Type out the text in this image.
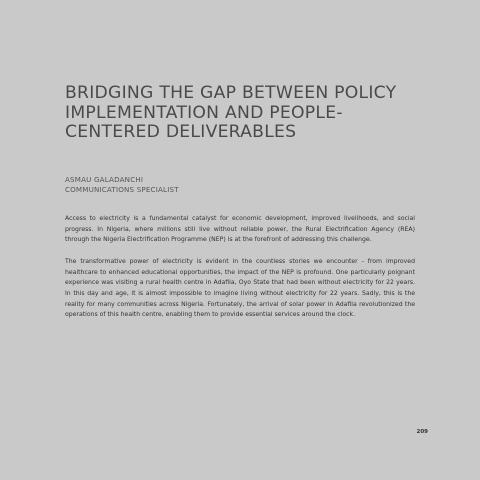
BRIDGING THE GAP BETWEEN POLICY
IMPLEMENTATION AND PEOPLE-
CENTERED DELIVERABLES
ASMAU GALADANCHI
COMMUNICATIONS SPECIALIST

Access to electricity is a fundamental catalyst for economic development, improved livelihoods, and social progress. In Nigeria, where millions still live without reliable power, the Rural Electrification Agency (REA) through the Nigeria Electrification Programme (NEP) is at the forefront of addressing this challenge.

The transformative power of electricity is evident in the countless stories we encounter - from improved healthcare to enhanced educational opportunities, the impact of the NEP is profound. One particularly poignant experience was visiting a rural health centre in Adafila, Oyo State that had been without electricity for 22 years. In this day and age, it is almost impossible to imagine living without electricity for 22 years. Sadly, this is the reality for many communities across Nigeria. Fortunately, the arrival of solar power in Adafila revolutionized the operations of this health centre, enabling them to provide essential services around the clock.

209
